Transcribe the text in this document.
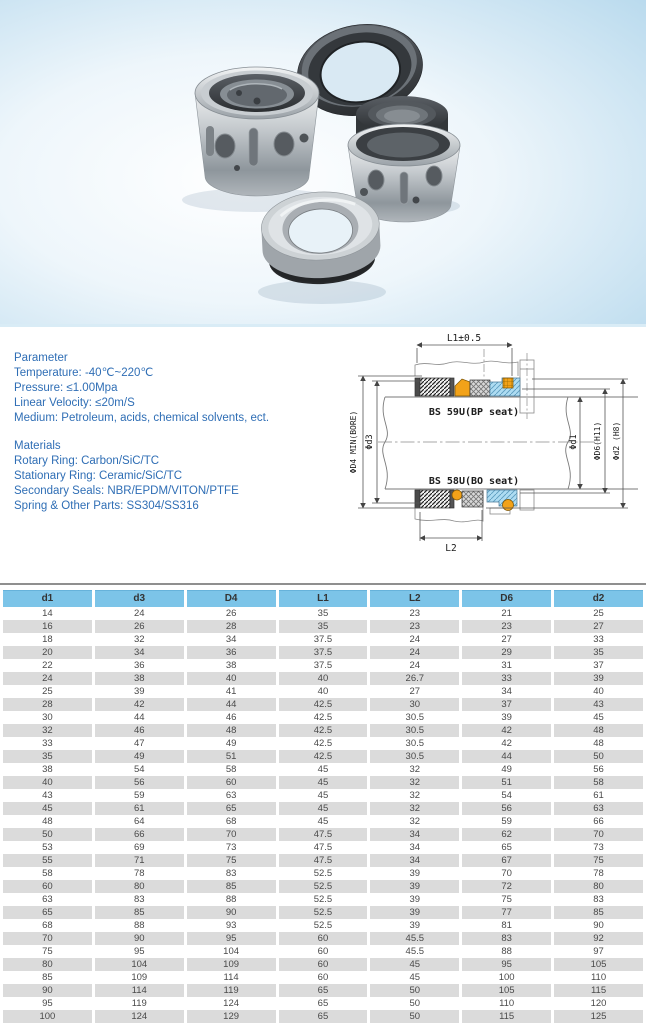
Parameter
Temperature: -40℃~220℃
Pressure: ≤1.00Mpa
Linear Velocity: ≤20m/S
Medium: Petroleum, acids, chemical solvents, ect.
Materials
Rotary Ring: Carbon/SiC/TC
Stationary Ring: Ceramic/SiC/TC
Secondary Seals: NBR/EPDM/VITON/PTFE
Spring & Other Parts: SS304/SS316
L1±0.5
L2
BS 59U(BP seat)
BS 58U(BO seat)
ΦD4 MIN(BORE) Φd3	Φd1 ΦD6(H11) Φd2 (H8)
d1	d3	D4	L1	L2	D6	d2
14	24	26	35	23	21	25
16	26	28	35	23	23	27
18	32	34	37.5	24	27	33
20	34	36	37.5	24	29	35
22	36	38	37.5	24	31	37
24	38	40	40	26.7	33	39
25	39	41	40	27	34	40
28	42	44	42.5	30	37	43
30	44	46	42.5	30.5	39	45
32	46	48	42.5	30.5	42	48
33	47	49	42.5	30.5	42	48
35	49	51	42.5	30.5	44	50
38	54	58	45	32	49	56
40	56	60	45	32	51	58
43	59	63	45	32	54	61
45	61	65	45	32	56	63
48	64	68	45	32	59	66
50	66	70	47.5	34	62	70
53	69	73	47.5	34	65	73
55	71	75	47.5	34	67	75
58	78	83	52.5	39	70	78
60	80	85	52.5	39	72	80
63	83	88	52.5	39	75	83
65	85	90	52.5	39	77	85
68	88	93	52.5	39	81	90
70	90	95	60	45.5	83	92
75	95	104	60	45.5	88	97
80	104	109	60	45	95	105
85	109	114	60	45	100	110
90	114	119	65	50	105	115
95	119	124	65	50	110	120
100	124	129	65	50	115	125
